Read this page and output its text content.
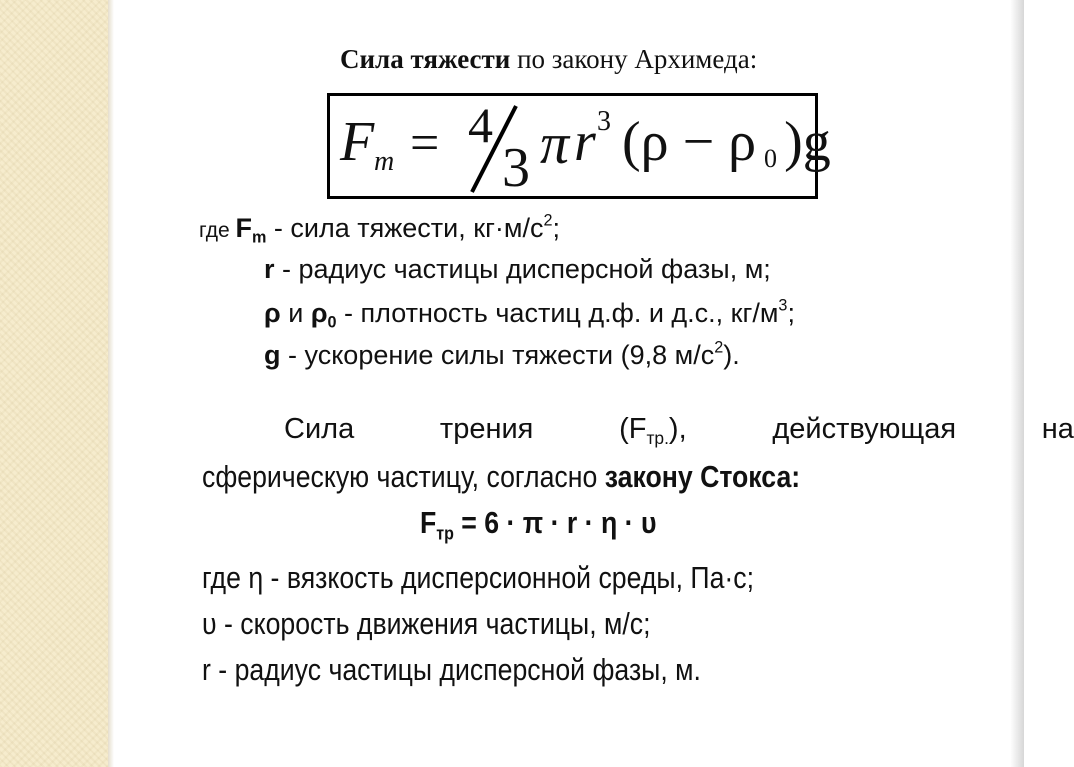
Сила тяжести по закону Архимеда:
F m = 4
3 π r 3 (ρ − ρ )g
0
где $F_m$ - сила тяжести, $кг\cdot м/с^2$;
r - радиус частицы дисперсной фазы, м;
ρ и $\rho_0$ - плотность частиц д.ф. и д.с., $кг/м^3$;
g - ускорение силы тяжести (9,8 $м/с^2$).
Сила	трения	$(F_{тр.})$,	действующая	на
сферическую частицу, согласно закону Стокса:
$F_{тр} = 6 \cdot \pi \cdot r \cdot \eta \cdot \upsilon$
где η - вязкость дисперсионной среды, Па·с;
υ - скорость движения частицы, м/с;
r - радиус частицы дисперсной фазы, м.
